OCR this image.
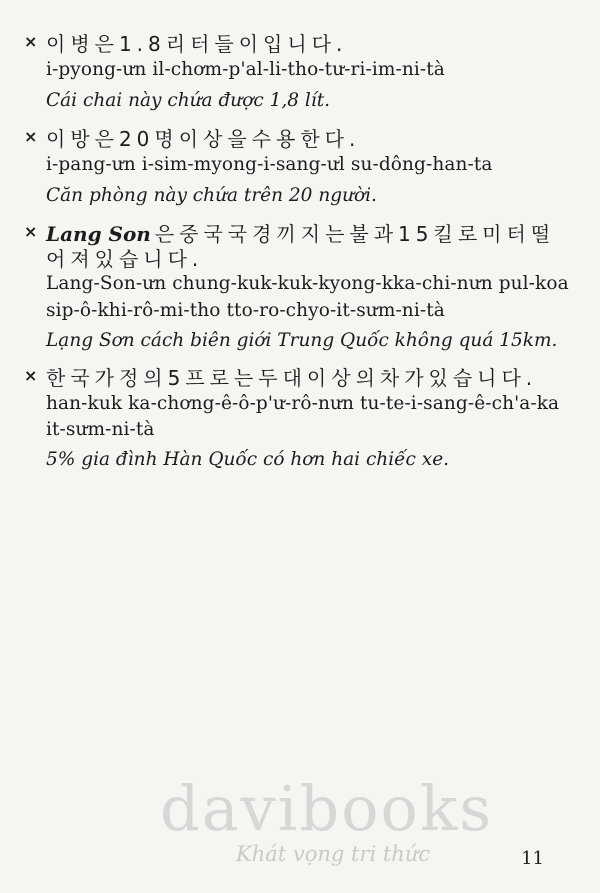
× 이병은1.8리터들이입니다.
i-pyong-ưn il-chơm-p'al-li-tho-tư-ri-im-ni-tà
Cái chai này chứa được 1,8 lít.
× 이방은20명이상을수용한다.
i-pang-ưn i-sim-myong-i-sang-ưl su-dông-han-ta
Căn phòng này chứa trên 20 người.
× Lang Son 은중국국경끼지는불과15킬로미터떨
어져있습니다.
Lang-Son-ưn chung-kuk-kuk-kyong-kka-chi-nưn pul-koa
sip-ô-khi-rô-mi-tho tto-ro-chyo-it-sưm-ni-tà
Lạng Sơn cách biên giới Trung Quốc không quá 15km.
× 한국가정의5프로는두대이상의차가있습니다.
han-kuk ka-chơng-ê-ô-p'ư-rô-nưn tu-te-i-sang-ê-ch'a-ka
it-sưm-ni-tà
5% gia đình Hàn Quốc có hơn hai chiếc xe.
davibooks
Khát vọng tri thức	11
